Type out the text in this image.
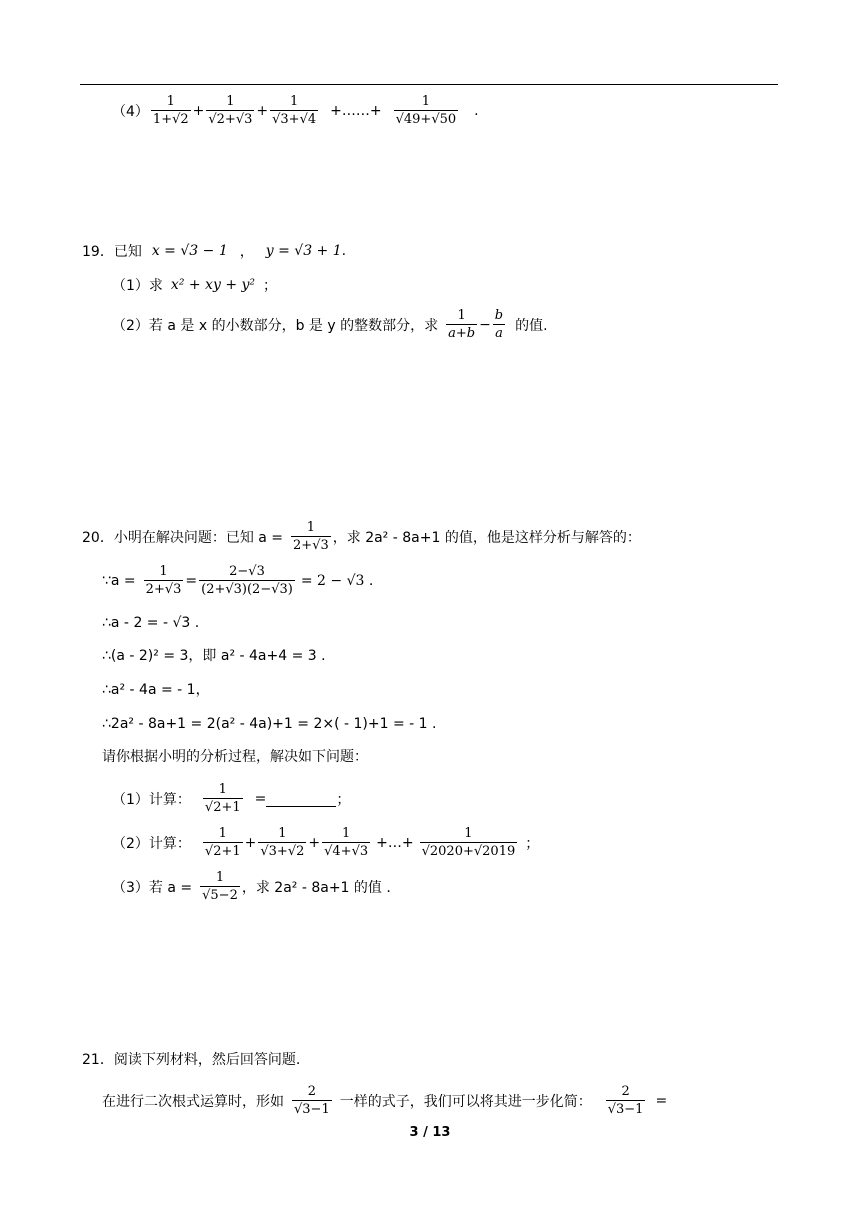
$(4) \frac{1}{1+√2} + \frac{1}{√2+√3} + \frac{1}{√3+√4}$ +……+ $\frac{1}{√49+√50}$ .
19．已知 x = √3 − 1 ， y = √3 + 1 .
（1）求 x² + xy + y² ；
（2）若 a 是 x 的小数部分，b 是 y 的整数部分，求 $\frac{1}{a+b} - \frac{b}{a}$ 的值.
20．小明在解决问题：已知 $a = \frac{1}{2+√3}$ ，求 2a² - 8a+1 的值，他是这样分析与解答的：
∵a = $\frac{1}{2+√3} = \frac{2-√3}{(2+√3)(2-√3)} = 2 - √3$ .
∴a - 2 = - √3 .
∴(a - 2)² = 3，即 a² - 4a+4 = 3 .
∴a² - 4a = - 1，
∴2a² - 8a+1 = 2(a² - 4a)+1 = 2×( - 1)+1 = - 1 .
请你根据小明的分析过程，解决如下问题：
（1）计算： $\frac{1}{√2+1}$ =	；
（2）计算： $\frac{1}{√2+1} + \frac{1}{√3+√2} + \frac{1}{√4+√3}$ +…+ $\frac{1}{√2020+√2019}$ ；
（3）若 $a = \frac{1}{√5-2}$ ，求 2a² - 8a+1 的值 .
21．阅读下列材料，然后回答问题.
在进行二次根式运算时，形如 $\frac{2}{√3-1}$ 一样的式子，我们可以将其进一步化简： $\frac{2}{√3-1}$ =
3 / 13
